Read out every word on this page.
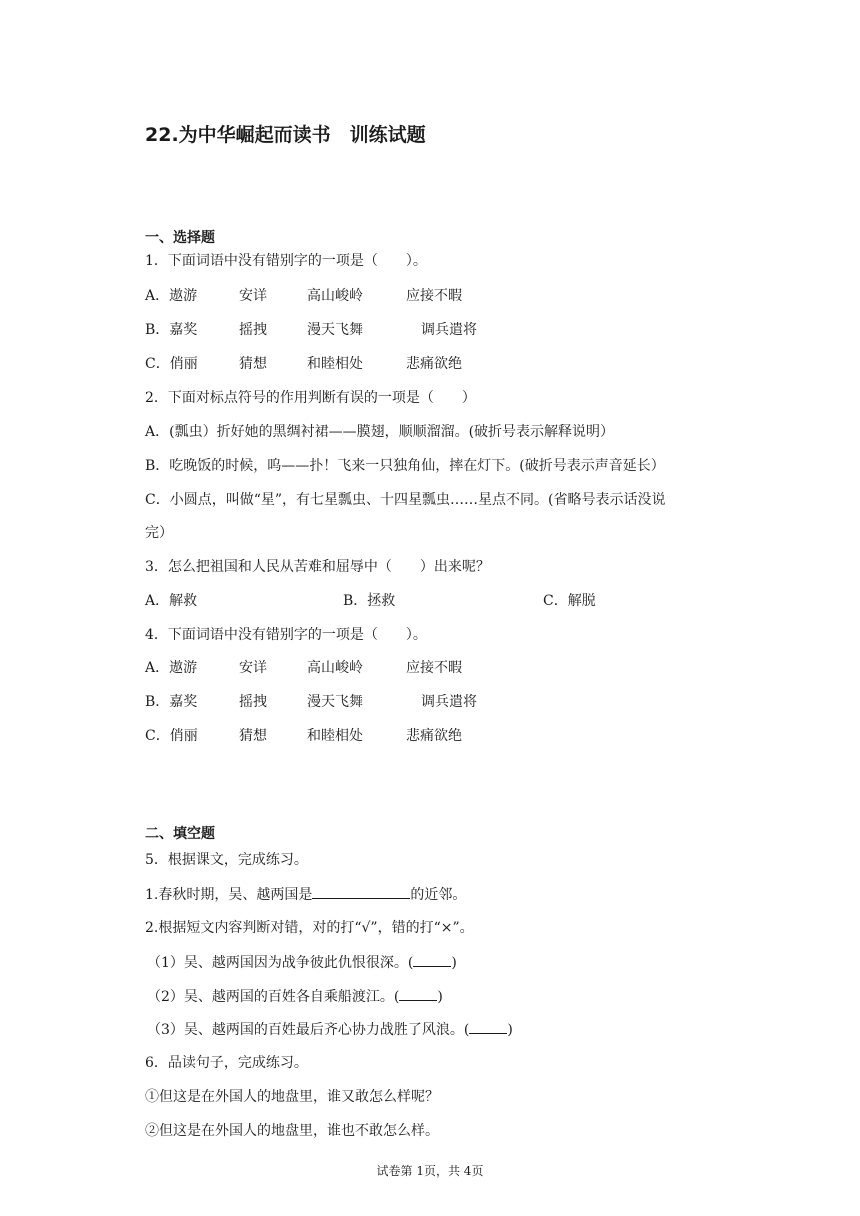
22.为中华崛起而读书　训练试题
一、选择题
1．下面词语中没有错别字的一项是（　　）。
A．遨游	安详	高山峻岭	应接不暇
B．嘉奖	摇拽	漫天飞舞	调兵遣将
C．俏丽	猜想	和睦相处	悲痛欲绝
2．下面对标点符号的作用判断有误的一项是（　　）
A．(瓢虫）折好她的黑绸衬裙——膜翅，顺顺溜溜。(破折号表示解释说明）
B．吃晚饭的时候，呜——扑！飞来一只独角仙，摔在灯下。(破折号表示声音延长）
C．小圆点，叫做“星”，有七星瓢虫、十四星瓢虫……星点不同。(省略号表示话没说
完）
3．怎么把祖国和人民从苦难和屈辱中（　　）出来呢？
A．解救	B．拯救	C．解脱
4．下面词语中没有错别字的一项是（　　）。
A．遨游	安详	高山峻岭	应接不暇
B．嘉奖	摇拽	漫天飞舞	调兵遣将
C．俏丽	猜想	和睦相处	悲痛欲绝
二、填空题
5．根据课文，完成练习。
1.春秋时期，吴、越两国是	的近邻。
2.根据短文内容判断对错，对的打“√”，错的打“×”。
（1）吴、越两国因为战争彼此仇恨很深。(	)
（2）吴、越两国的百姓各自乘船渡江。(	)
（3）吴、越两国的百姓最后齐心协力战胜了风浪。(	)
6．品读句子，完成练习。
①但这是在外国人的地盘里，谁又敢怎么样呢？
②但这是在外国人的地盘里，谁也不敢怎么样。
试卷第 1页，共 4页
